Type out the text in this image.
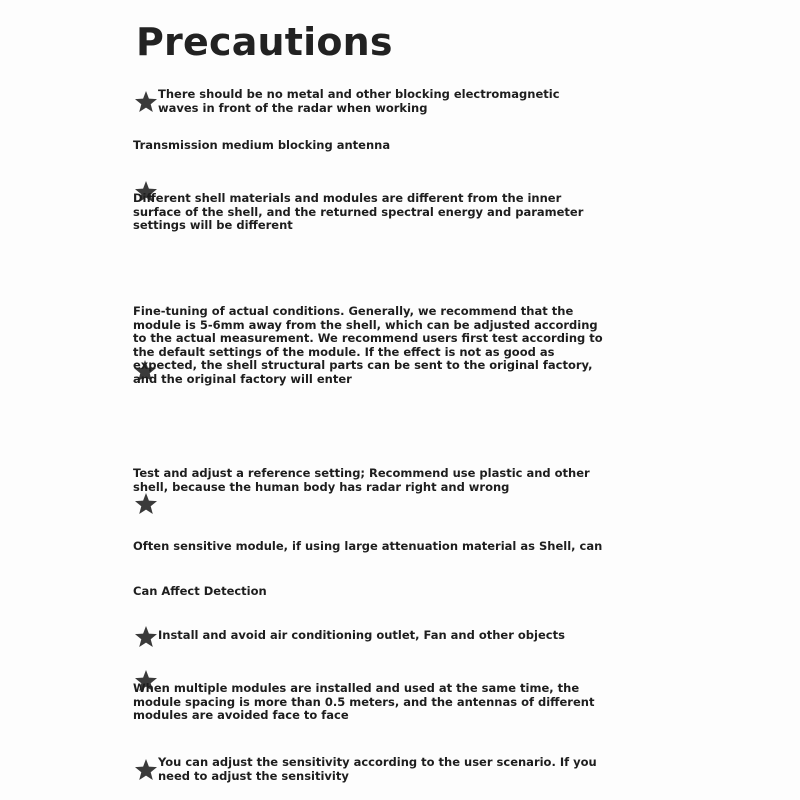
Precautions

There should be no metal and other blocking electromagnetic waves in front of the radar when working

Transmission medium blocking antenna

Different shell materials and modules are different from the inner surface of the shell, and the returned spectral energy and parameter settings will be different

Fine-tuning of actual conditions. Generally, we recommend that the module is 5-6mm away from the shell, which can be adjusted according to the actual measurement. We recommend users first test according to the default settings of the module. If the effect is not as good as expected, the shell structural parts can be sent to the original factory, and the original factory will enter

Test and adjust a reference setting; Recommend use plastic and other shell, because the human body has radar right and wrong

Often sensitive module, if using large attenuation material as Shell, can

Can Affect Detection

Install and avoid air conditioning outlet, Fan and other objects

When multiple modules are installed and used at the same time, the module spacing is more than 0.5 meters, and the antennas of different modules are avoided face to face

You can adjust the sensitivity according to the user scenario. If you need to adjust the sensitivity
